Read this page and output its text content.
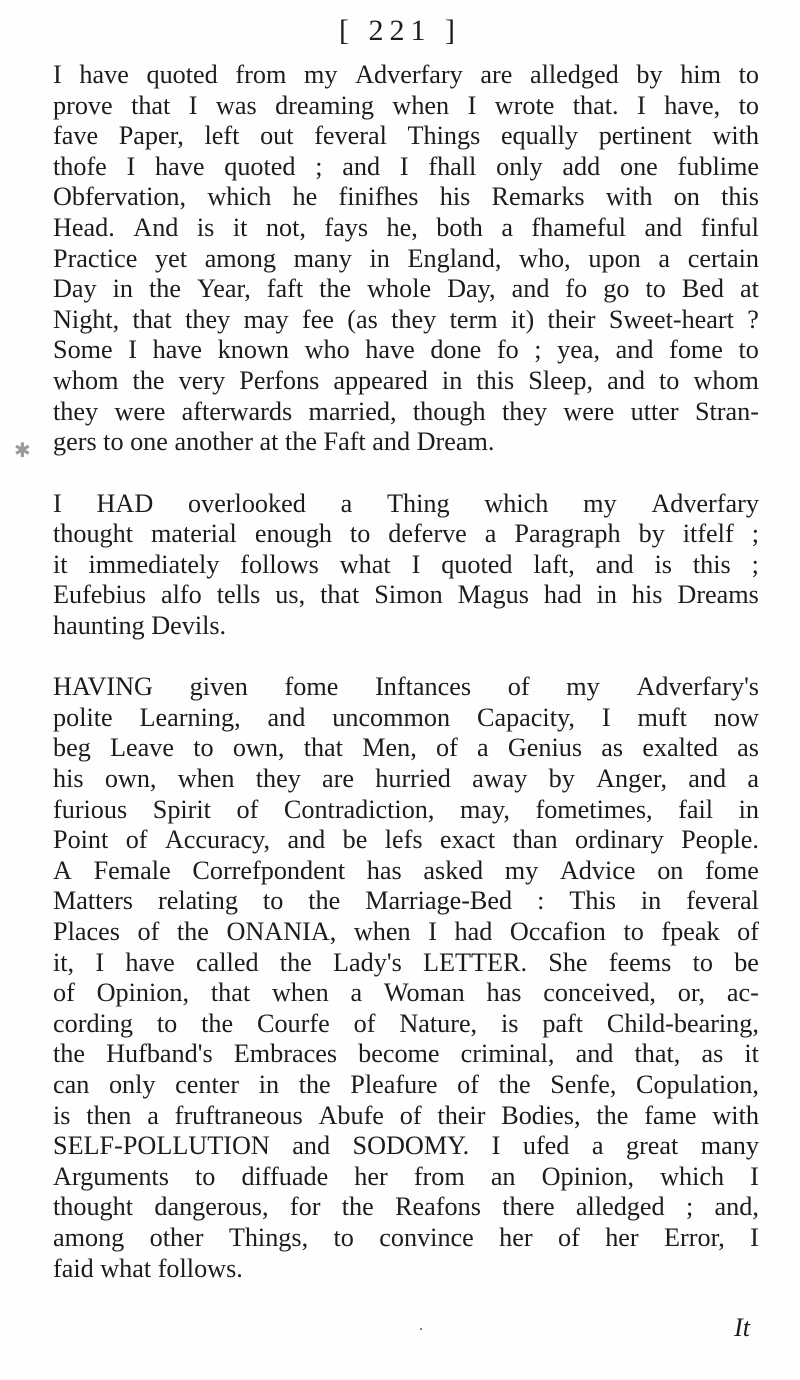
[ 221 ]
✱
I have quoted from my Adverfary are alledged by him to
prove that I was dreaming when I wrote that. I have, to
fave Paper, left out feveral Things equally pertinent with
thofe I have quoted ; and I fhall only add one fublime
Obfervation, which he finifhes his Remarks with on this
Head. And is it not, fays he, both a fhameful and finful
Practice yet among many in England, who, upon a certain
Day in the Year, faft the whole Day, and fo go to Bed at
Night, that they may fee (as they term it) their Sweet-heart ?
Some I have known who have done fo ; yea, and fome to
whom the very Perfons appeared in this Sleep, and to whom
they were afterwards married, though they were utter Stran-
gers to one another at the Faft and Dream.
I HAD overlooked a Thing which my Adverfary
thought material enough to deferve a Paragraph by itfelf ;
it immediately follows what I quoted laft, and is this ;
Eufebius alfo tells us, that Simon Magus had in his Dreams
haunting Devils.
HAVING given fome Inftances of my Adverfary's
polite Learning, and uncommon Capacity, I muft now
beg Leave to own, that Men, of a Genius as exalted as
his own, when they are hurried away by Anger, and a
furious Spirit of Contradiction, may, fometimes, fail in
Point of Accuracy, and be lefs exact than ordinary People.
A Female Correfpondent has asked my Advice on fome
Matters relating to the Marriage-Bed : This in feveral
Places of the ONANIA, when I had Occafion to fpeak of
it, I have called the Lady's LETTER. She feems to be
of Opinion, that when a Woman has conceived, or, ac-
cording to the Courfe of Nature, is paft Child-bearing,
the Hufband's Embraces become criminal, and that, as it
can only center in the Pleafure of the Senfe, Copulation,
is then a fruftraneous Abufe of their Bodies, the fame with
SELF-POLLUTION and SODOMY. I ufed a great many
Arguments to diffuade her from an Opinion, which I
thought dangerous, for the Reafons there alledged ; and,
among other Things, to convince her of her Error, I
faid what follows.
It
